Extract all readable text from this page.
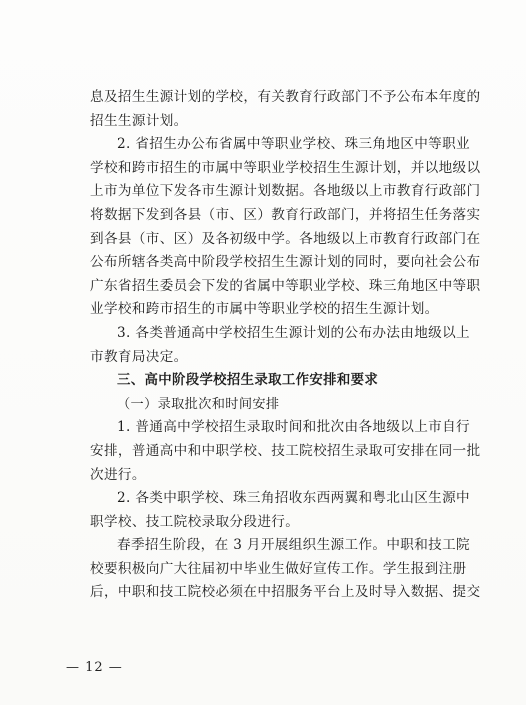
息及招生生源计划的学校，有关教育行政部门不予公布本年度的
招生生源计划。
2. 省招生办公布省属中等职业学校、珠三角地区中等职业
学校和跨市招生的市属中等职业学校招生生源计划，并以地级以
上市为单位下发各市生源计划数据。各地级以上市教育行政部门
将数据下发到各县（市、区）教育行政部门，并将招生任务落实
到各县（市、区）及各初级中学。各地级以上市教育行政部门在
公布所辖各类高中阶段学校招生生源计划的同时，要向社会公布
广东省招生委员会下发的省属中等职业学校、珠三角地区中等职
业学校和跨市招生的市属中等职业学校的招生生源计划。
3. 各类普通高中学校招生生源计划的公布办法由地级以上
市教育局决定。
三、高中阶段学校招生录取工作安排和要求
（一）录取批次和时间安排
1. 普通高中学校招生录取时间和批次由各地级以上市自行
安排，普通高中和中职学校、技工院校招生录取可安排在同一批
次进行。
2. 各类中职学校、珠三角招收东西两翼和粤北山区生源中
职学校、技工院校录取分段进行。
春季招生阶段，在 3 月开展组织生源工作。中职和技工院
校要积极向广大往届初中毕业生做好宣传工作。学生报到注册
后，中职和技工院校必须在中招服务平台上及时导入数据、提交
— 12 —
